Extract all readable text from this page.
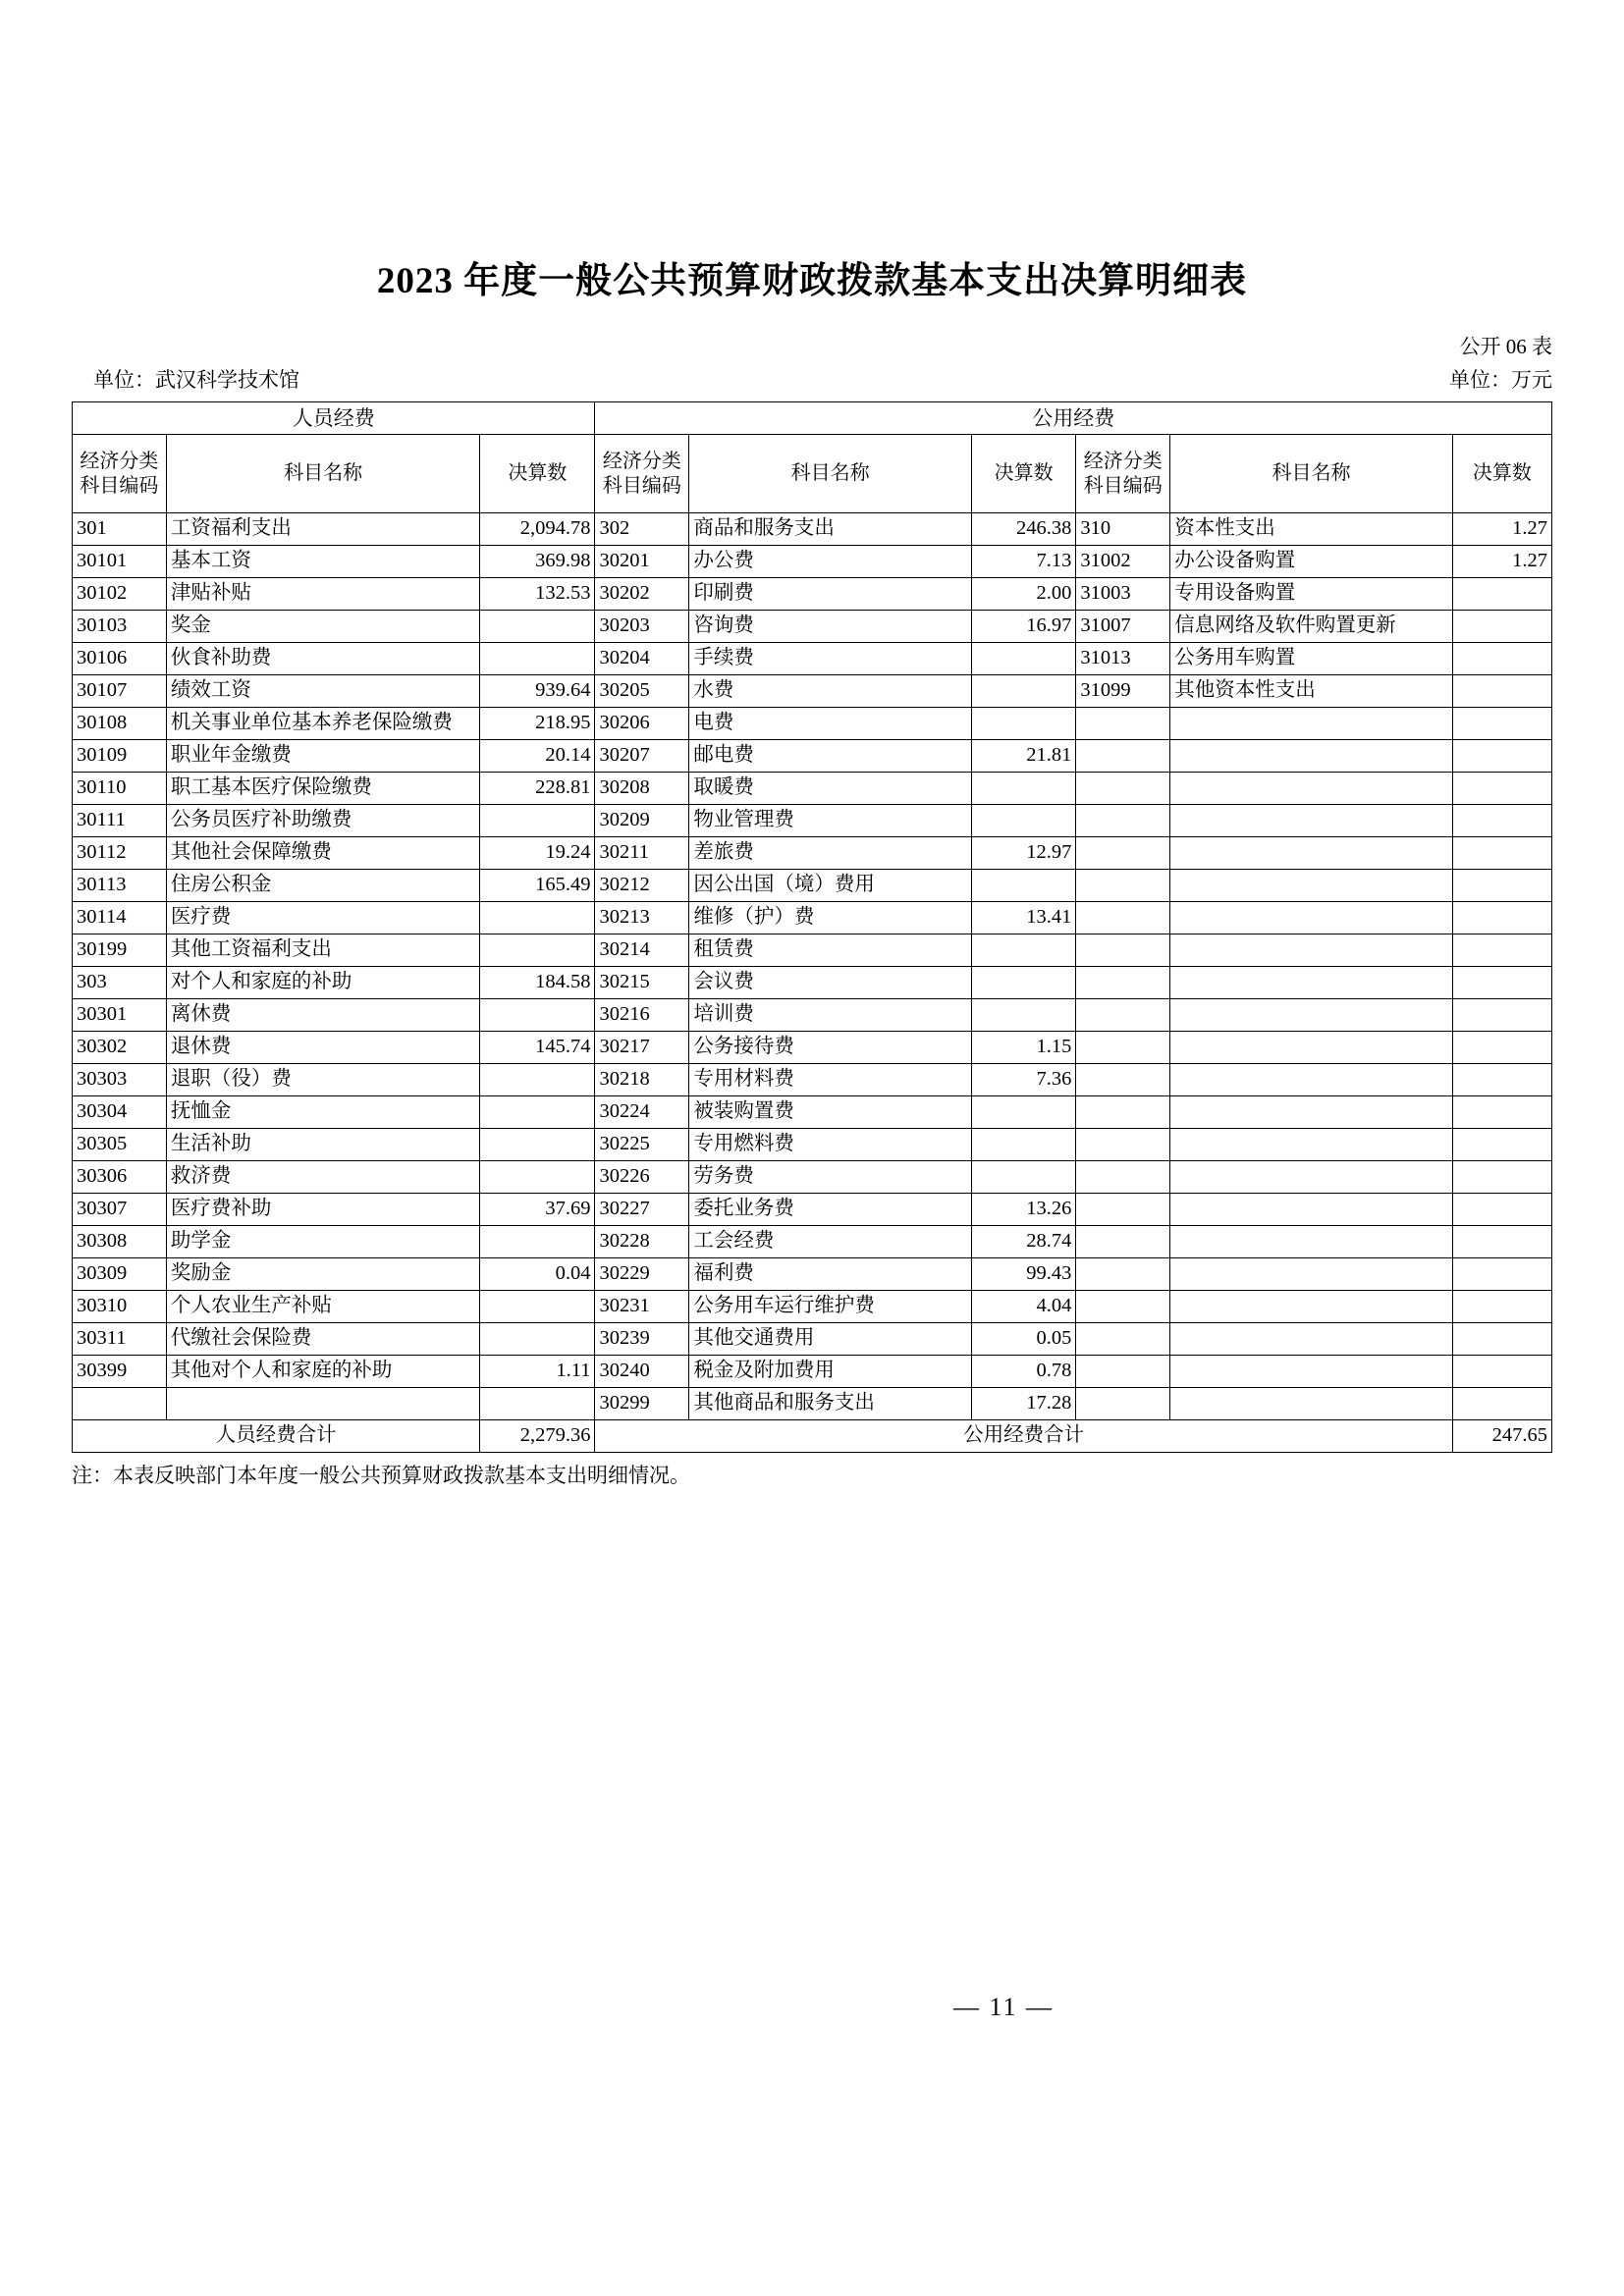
2023 年度一般公共预算财政拨款基本支出决算明细表
公开 06 表
单位：武汉科学技术馆	单位：万元
人员经费			公用经费					
经济分类科目编码	科目名称	决算数	经济分类科目编码	科目名称	决算数	经济分类科目编码	科目名称	决算数
301	工资福利支出	2,094.78	302	商品和服务支出	246.38	310	资本性支出	1.27
30101	基本工资	369.98	30201	办公费	7.13	31002	办公设备购置	1.27
30102	津贴补贴	132.53	30202	印刷费	2.00	31003	专用设备购置	
30103	奖金		30203	咨询费	16.97	31007	信息网络及软件购置更新	
30106	伙食补助费		30204	手续费		31013	公务用车购置	
30107	绩效工资	939.64	30205	水费		31099	其他资本性支出	
30108	机关事业单位基本养老保险缴费	218.95	30206	电费				
30109	职业年金缴费	20.14	30207	邮电费	21.81			
30110	职工基本医疗保险缴费	228.81	30208	取暖费				
30111	公务员医疗补助缴费		30209	物业管理费				
30112	其他社会保障缴费	19.24	30211	差旅费	12.97			
30113	住房公积金	165.49	30212	因公出国（境）费用				
30114	医疗费		30213	维修（护）费	13.41			
30199	其他工资福利支出		30214	租赁费				
303	对个人和家庭的补助	184.58	30215	会议费				
30301	离休费		30216	培训费				
30302	退休费	145.74	30217	公务接待费	1.15			
30303	退职（役）费		30218	专用材料费	7.36			
30304	抚恤金		30224	被装购置费				
30305	生活补助		30225	专用燃料费				
30306	救济费		30226	劳务费				
30307	医疗费补助	37.69	30227	委托业务费	13.26			
30308	助学金		30228	工会经费	28.74			
30309	奖励金	0.04	30229	福利费	99.43			
30310	个人农业生产补贴		30231	公务用车运行维护费	4.04			
30311	代缴社会保险费		30239	其他交通费用	0.05			
30399	其他对个人和家庭的补助	1.11	30240	税金及附加费用	0.78			
			30299	其他商品和服务支出	17.28			
人员经费合计		2,279.36	公用经费合计					247.65
注：本表反映部门本年度一般公共预算财政拨款基本支出明细情况。
— 11 —
